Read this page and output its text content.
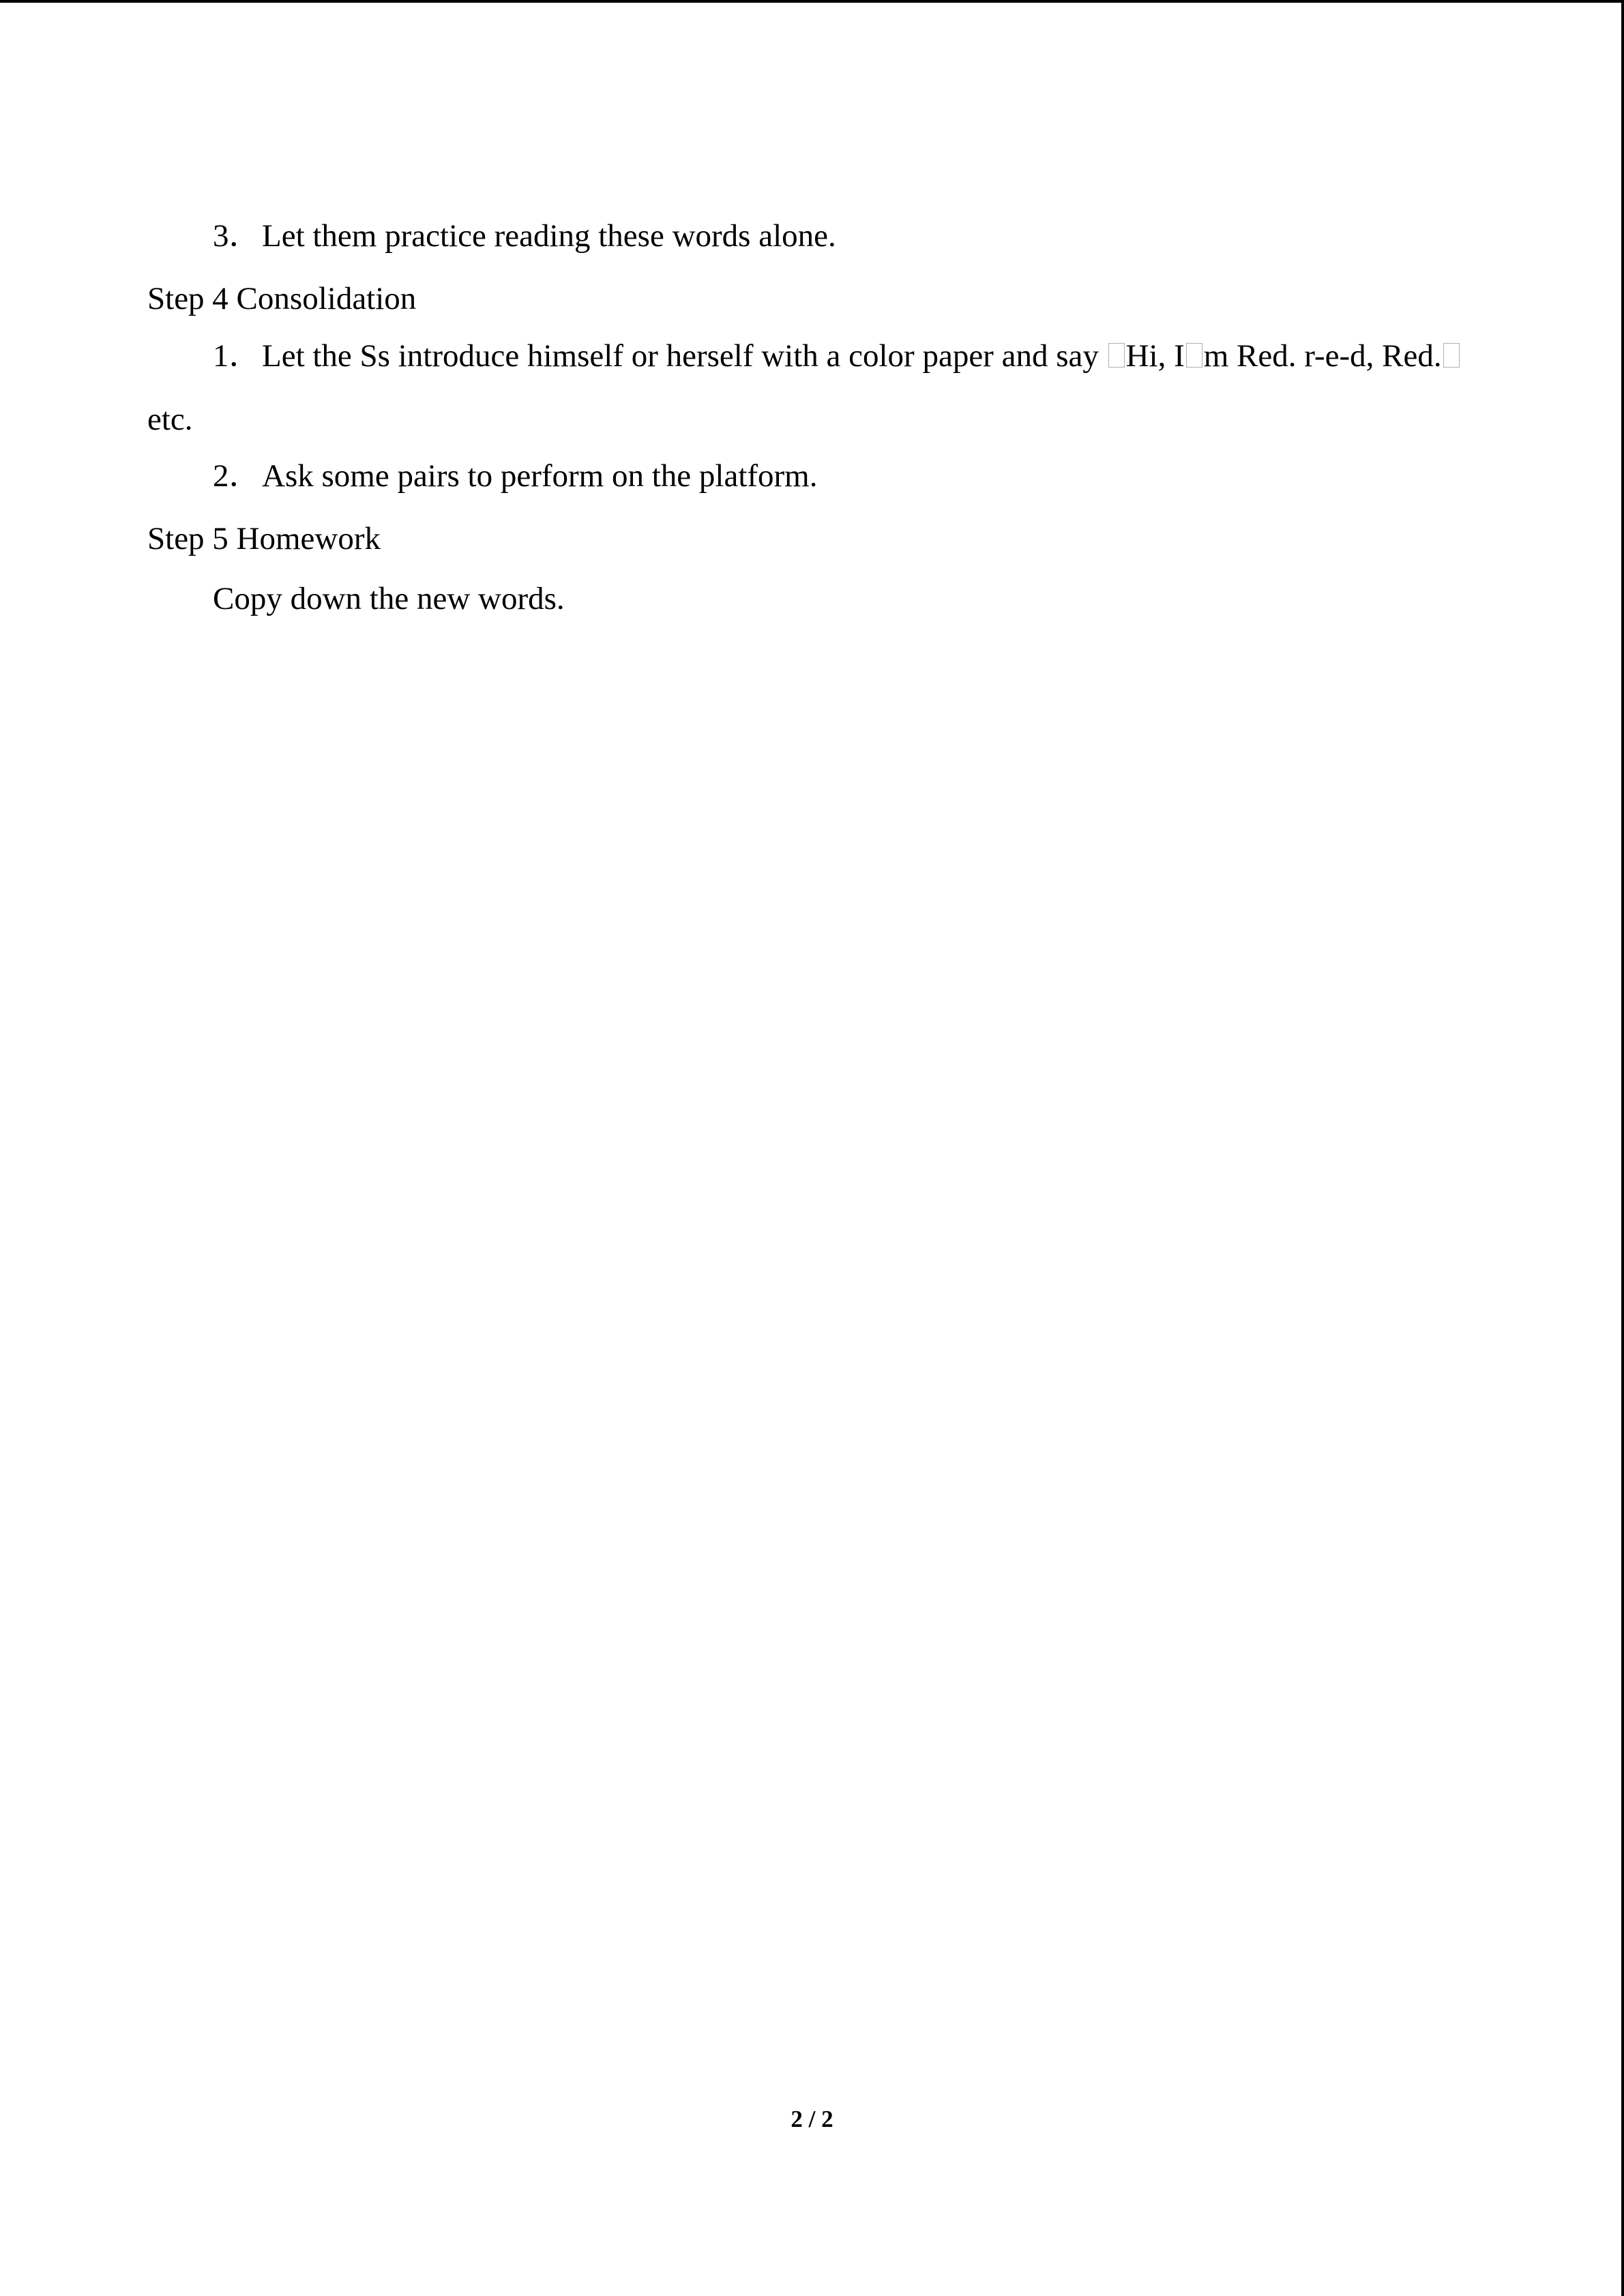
3．Let them practice reading these words alone.

Step 4 Consolidation

1．Let the Ss introduce himself or herself with a color paper and say Hi, I m Red. r-e-d, Red.

etc.

2．Ask some pairs to perform on the platform.

Step 5 Homework

Copy down the new words.

2 / 2
